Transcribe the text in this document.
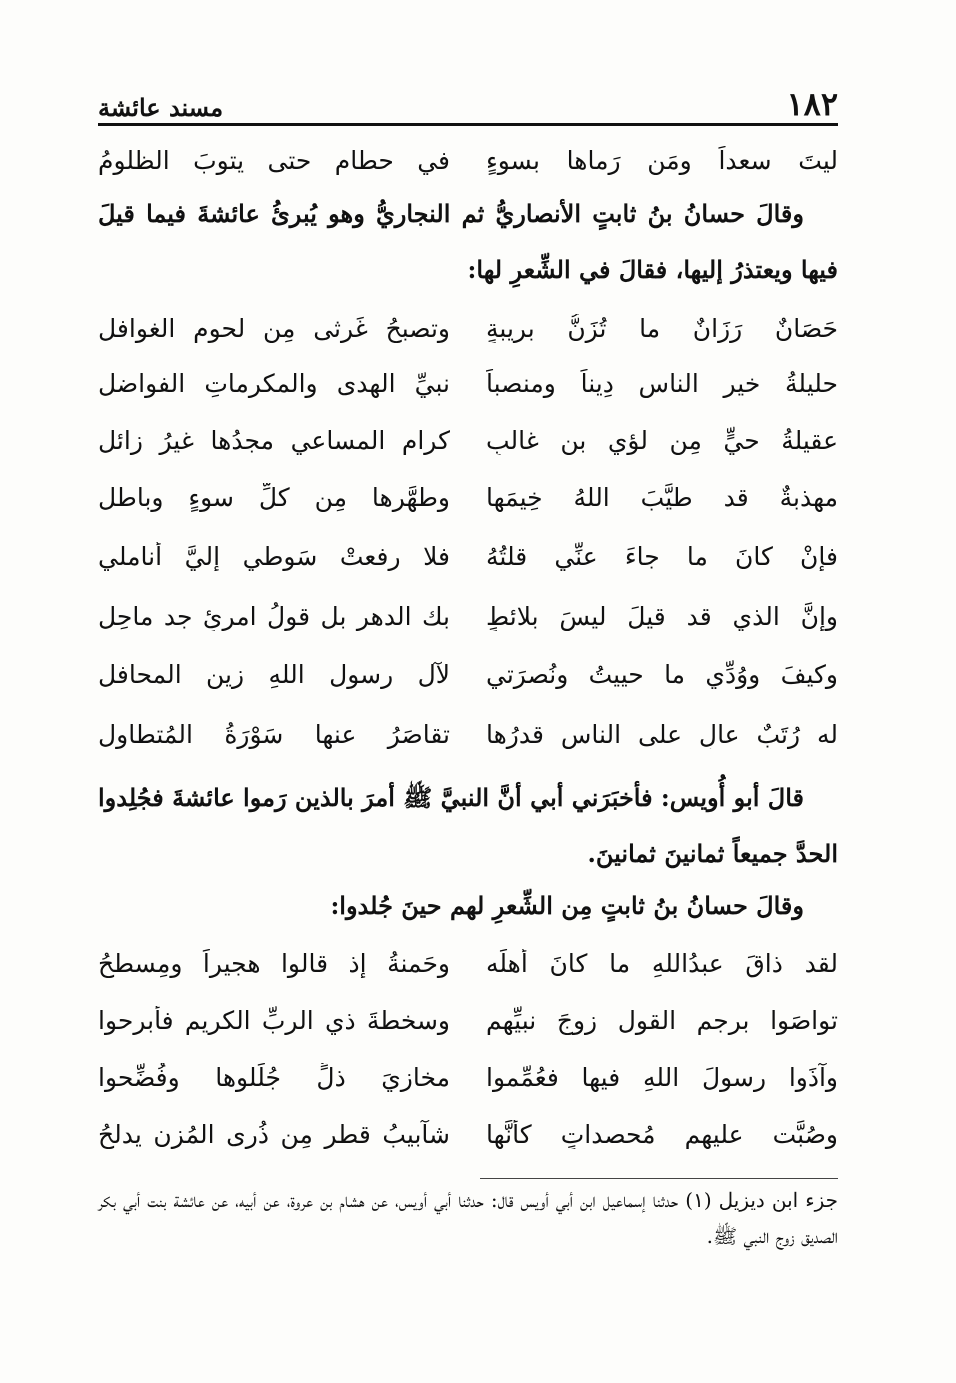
١٨٢
مسند عائشة
ليتَ سعداً ومَن رَماها بسوءٍ
في حطامٍ حتى يتوبَ الظلومُ
وقالَ حسانُ بنُ ثابتٍ الأنصاريُّ ثم النجاريُّ وهو يُبرئُ عائشةَ فيما قيلَ فيها ويعتذرُ إليها، فقالَ في الشِّعرِ لها:
حَصَانٌ رَزَانٌ ما تُزَنُّ بريبةٍ
وتصبحُ غَرثى مِن لحومِ الغوافلِ
حليلةُ خيرِ الناسِ دِيناً ومنصباً
نبيِّ الهدى والمكرماتِ الفواضلِ
عقيلةُ حيٍّ مِن لؤيِ بنِ غالبٍ
كرامِ المساعي مجدُها غيرُ زائلِ
مهذبةٌ قد طيَّبَ اللهُ خِيمَها
وطهَّرها مِن كلِّ سوءٍ وباطلِ
فإنْ كانَ ما جاءَ عنِّي قلتُهُ
فلا رفعتْ سَوطي إليَّ أناملي
وإنَّ الذي قد قيلَ ليسَ بلائطٍ
بك الدهر بل قولُ امرئٍ جد ماحِلِ
وكيفَ ووُدِّي ما حييتُ ونُصرَتي
لآلِ رسولِ اللهِ زينِ المحافلِ
له رُتَبٌ عالٍ على الناسِ قدرُها
تقاصَرُ عنها سَوْرَةُ المُتطاولِ
قالَ أبو أُويس: فأخبَرَني أبي أنَّ النبيَّ ﷺ أمرَ بالذين رَموا عائشةَ فجُلِدوا الحدَّ جميعاً ثمانينَ ثمانينَ.
وقالَ حسانُ بنُ ثابتٍ مِن الشِّعرِ لهم حينَ جُلدوا:
لقد ذاقَ عبدُاللهِ ما كانَ أهلَه
وحَمنةُ إذ قالوا هجيراً ومِسطحُ
تواصَوا برجمِ القولِ زوجَ نبيِّهم
وسخطةَ ذي الربِّ الكريمِ فأُبرحوا
وآذَوا رسولَ اللهِ فيها فعُمِّموا
مخازيَ ذلٍّ جُلِّلوها وفُضِّحوا
وصُبَّت عليهم مُحصداتٍ كأنَّها
شآبيبُ قطرٍ مِن ذُرى المُزنِ يدلحُ
جزء ابن ديزيل (١) حدثنا إسماعيل ابن أبي أويس قال: حدثنا أبي أويس، عن هشام بن عروة، عن أبيه، عن عائشة بنت أبي بكر الصديق زوج النبي ﷺ.
